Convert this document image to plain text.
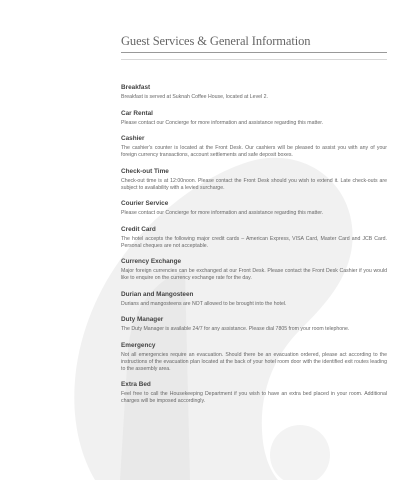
Guest Services & General Information
Breakfast

Breakfast is served at Suknah Coffee House, located at Level 2.

Car Rental

Please contact our Concierge for more information and assistance regarding this matter.

Cashier

The cashier's counter is located at the Front Desk. Our cashiers will be pleased to assist you with any of your foreign currency transactions, account settlements and safe deposit boxes.

Check-out Time

Check-out time is at 12:00noon. Please contact the Front Desk should you wish to extend it. Late check-outs are subject to availability with a levied surcharge.

Courier Service

Please contact our Concierge for more information and assistance regarding this matter.

Credit Card

The hotel accepts the following major credit cards – American Express, VISA Card, Master Card and JCB Card. Personal cheques are not acceptable.

Currency Exchange

Major foreign currencies can be exchanged at our Front Desk. Please contact the Front Desk Cashier if you would like to enquire on the currency exchange rate for the day.

Durian and Mangosteen

Durians and mangosteens are NOT allowed to be brought into the hotel.

Duty Manager

The Duty Manager is available 24/7 for any assistance. Please dial 7805 from your room telephone.

Emergency

Not all emergencies require an evacuation. Should there be an evacuation ordered, please act according to the instructions of the evacuation plan located at the back of your hotel room door with the identified exit routes leading to the assembly area.

Extra Bed

Feel free to call the Housekeeping Department if you wish to have an extra bed placed in your room. Additional charges will be imposed accordingly.
